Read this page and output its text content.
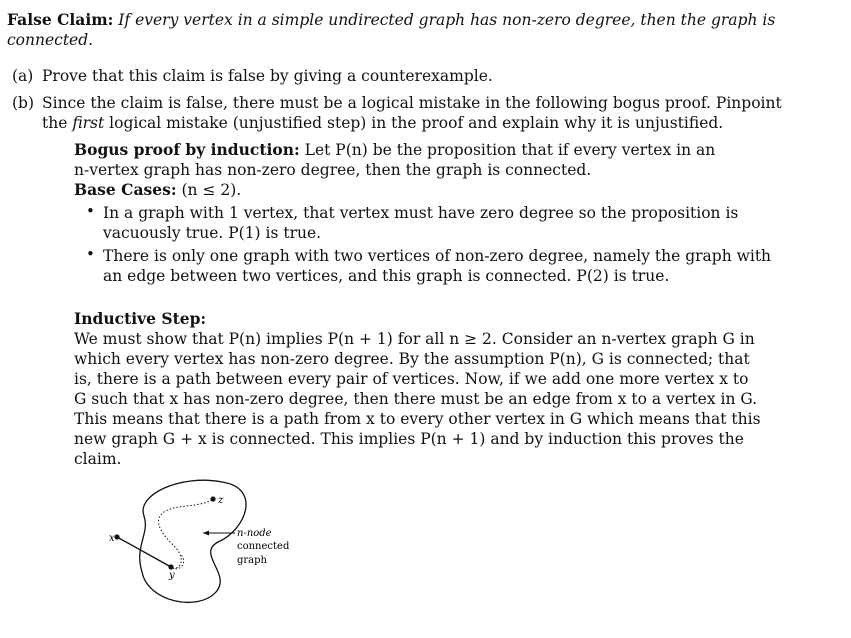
False Claim: If every vertex in a simple undirected graph has non-zero degree, then the graph is
connected.
(a) Prove that this claim is false by giving a counterexample.
(b) Since the claim is false, there must be a logical mistake in the following bogus proof. Pinpoint
the first logical mistake (unjustified step) in the proof and explain why it is unjustified.
Bogus proof by induction: Let P(n) be the proposition that if every vertex in an
n-vertex graph has non-zero degree, then the graph is connected.
Base Cases: (n ≤ 2).
• In a graph with 1 vertex, that vertex must have zero degree so the proposition is
vacuously true. P(1) is true.
• There is only one graph with two vertices of non-zero degree, namely the graph with
an edge between two vertices, and this graph is connected. P(2) is true.
Inductive Step:
We must show that P(n) implies P(n + 1) for all n ≥ 2. Consider an n-vertex graph G in
which every vertex has non-zero degree. By the assumption P(n), G is connected; that
is, there is a path between every pair of vertices. Now, if we add one more vertex x to
G such that x has non-zero degree, then there must be an edge from x to a vertex in G.
This means that there is a path from x to every other vertex in G which means that this
new graph G + x is connected. This implies P(n + 1) and by induction this proves the
claim.
x
y
z
n-node
connected
graph
